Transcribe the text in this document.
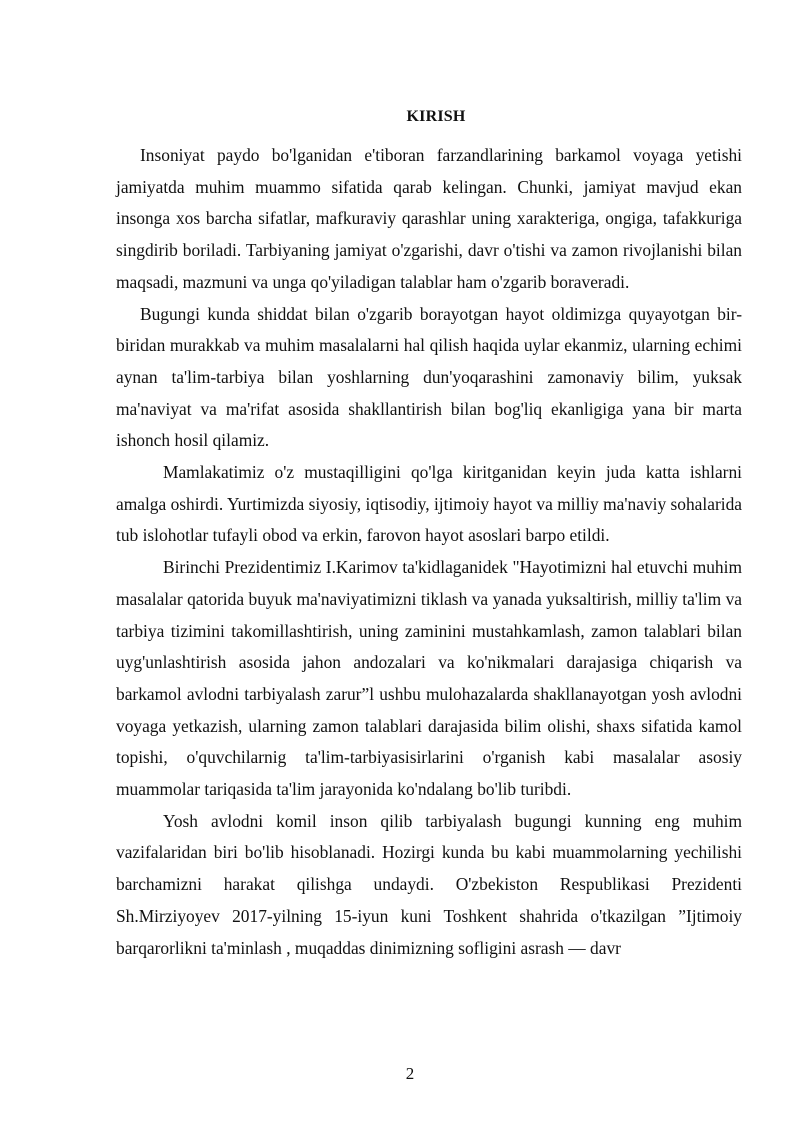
KIRISH

Insoniyat paydo bo'lganidan e'tiboran farzandlarining barkamol voyaga yetishi jamiyatda muhim muammo sifatida qarab kelingan. Chunki, jamiyat mavjud ekan insonga xos barcha sifatlar, mafkuraviy qarashlar uning xarakteriga, ongiga, tafakkuriga singdirib boriladi. Tarbiyaning jamiyat o'zgarishi, davr o'tishi va zamon rivojlanishi bilan maqsadi, mazmuni va unga qo'yiladigan talablar ham o'zgarib boraveradi.

Bugungi kunda shiddat bilan o'zgarib borayotgan hayot oldimizga quyayotgan bir-biridan murakkab va muhim masalalarni hal qilish haqida uylar ekanmiz, ularning echimi aynan ta'lim-tarbiya bilan yoshlarning dun'yoqarashini zamonaviy bilim, yuksak ma'naviyat va ma'rifat asosida shakllantirish bilan bog'liq ekanligiga yana bir marta ishonch hosil qilamiz.

Mamlakatimiz o'z mustaqilligini qo'lga kiritganidan keyin juda katta ishlarni amalga oshirdi. Yurtimizda siyosiy, iqtisodiy, ijtimoiy hayot va milliy ma'naviy sohalarida tub islohotlar tufayli obod va erkin, farovon hayot asoslari barpo etildi.

Birinchi Prezidentimiz I.Karimov ta'kidlaganidek "Hayotimizni hal etuvchi muhim masalalar qatorida buyuk ma'naviyatimizni tiklash va yanada yuksaltirish, milliy ta'lim va tarbiya tizimini takomillashtirish, uning zaminini mustahkamlash, zamon talablari bilan uyg'unlashtirish asosida jahon andozalari va ko'nikmalari darajasiga chiqarish va barkamol avlodni tarbiyalash zarur”l ushbu mulohazalarda shakllanayotgan yosh avlodni voyaga yetkazish, ularning zamon talablari darajasida bilim olishi, shaxs sifatida kamol topishi, o'quvchilarnig ta'lim-tarbiyasisirlarini o'rganish kabi masalalar asosiy muammolar tariqasida ta'lim jarayonida ko'ndalang bo'lib turibdi.

Yosh avlodni komil inson qilib tarbiyalash bugungi kunning eng muhim vazifalaridan biri bo'lib hisoblanadi. Hozirgi kunda bu kabi muammolarning yechilishi barchamizni harakat qilishga undaydi. O'zbekiston Respublikasi Prezidenti Sh.Mirziyoyev 2017-yilning 15-iyun kuni Toshkent shahrida o'tkazilgan ”Ijtimoiy barqarorlikni ta'minlash , muqaddas dinimizning sofligini asrash — davr

2
